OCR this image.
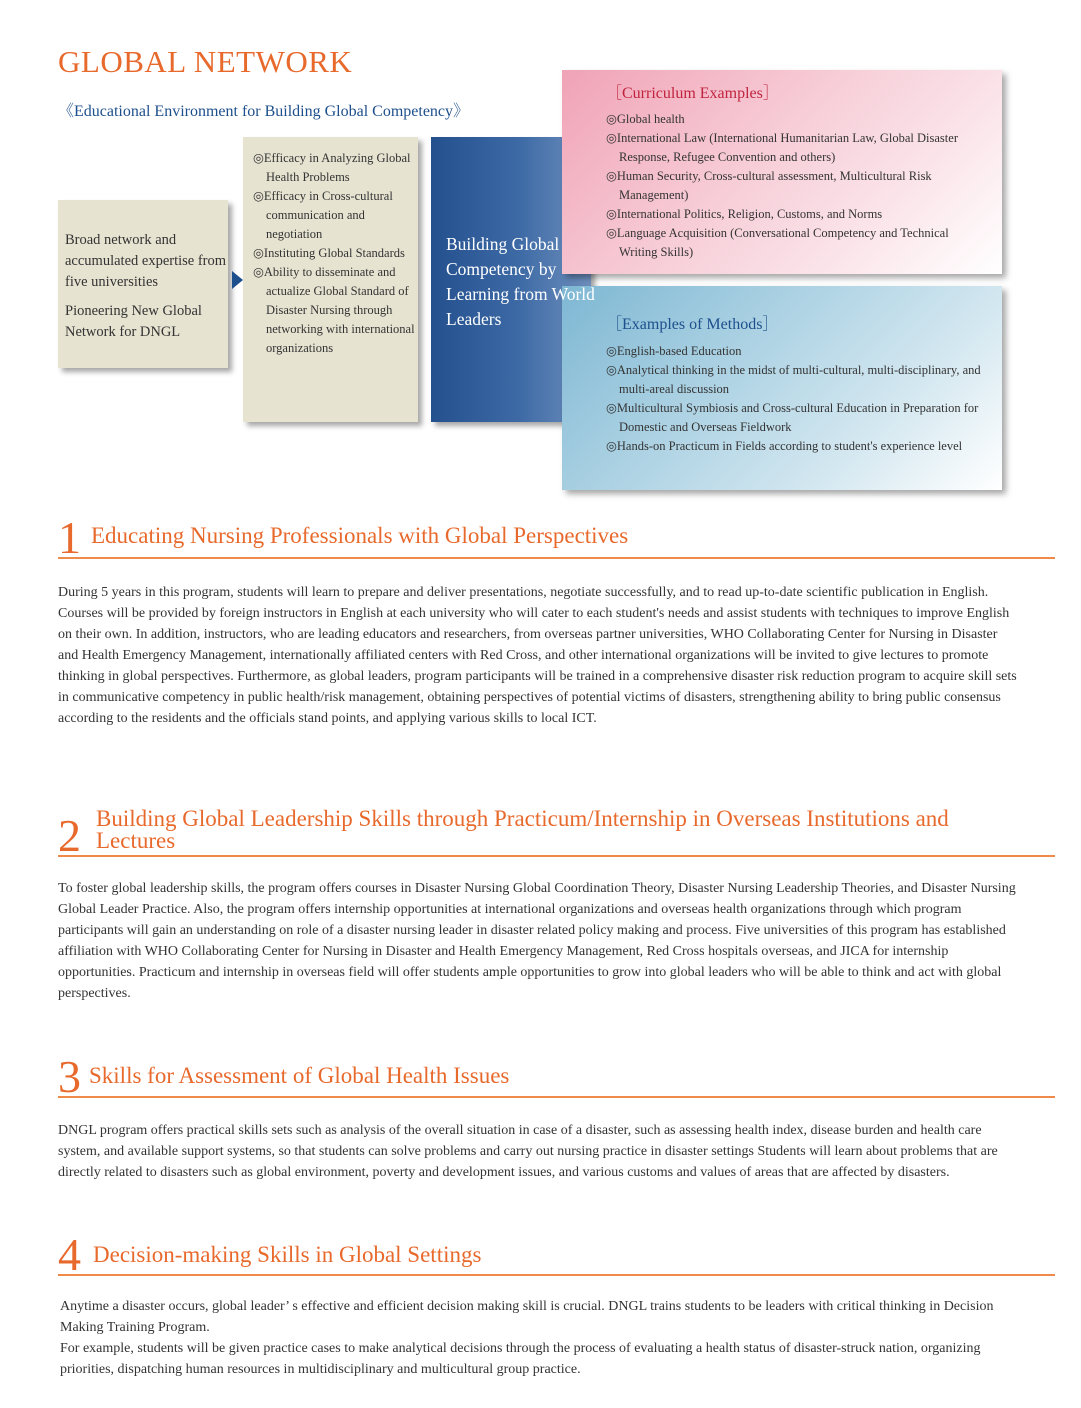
GLOBAL NETWORK
《Educational Environment for Building Global Competency》

Broad network and accumulated expertise from five universities

Pioneering New Global Network for DNGL

◎Efficacy in Analyzing Global Health Problems
◎Efficacy in Cross-cultural communication and negotiation
◎Instituting Global Standards
◎Ability to disseminate and actualize Global Standard of Disaster Nursing through networking with international organizations
［Curriculum Examples］
◎Global health
◎International Law (International Humanitarian Law, Global Disaster Response, Refugee Convention and others)
◎Human Security, Cross-cultural assessment, Multicultural Risk Management)
◎International Politics, Religion, Customs, and Norms
◎Language Acquisition (Conversational Competency and Technical Writing Skills)
［Examples of Methods］
◎English-based Education
◎Analytical thinking in the midst of multi-cultural, multi-disciplinary, and multi-areal discussion
◎Multicultural Symbiosis and Cross-cultural Education in Preparation for Domestic and Overseas Fieldwork
◎Hands-on Practicum in Fields according to student's experience level
Building Global Competency by Learning from World Leaders
1 Educating Nursing Professionals with Global Perspectives

During 5 years in this program, students will learn to prepare and deliver presentations, negotiate successfully, and to read up-to-date scientific publication in English. Courses will be provided by foreign instructors in English at each university who will cater to each student's needs and assist students with techniques to improve English on their own. In addition, instructors, who are leading educators and researchers, from overseas partner universities, WHO Collaborating Center for Nursing in Disaster and Health Emergency Management, internationally affiliated centers with Red Cross, and other international organizations will be invited to give lectures to promote thinking in global perspectives. Furthermore, as global leaders, program participants will be trained in a comprehensive disaster risk reduction program to acquire skill sets in communicative competency in public health/risk management, obtaining perspectives of potential victims of disasters, strengthening ability to bring public consensus according to the residents and the officials stand points, and applying various skills to local ICT.

2 Building Global Leadership Skills through Practicum/Internship in Overseas Institutions and Lectures

To foster global leadership skills, the program offers courses in Disaster Nursing Global Coordination Theory, Disaster Nursing Leadership Theories, and Disaster Nursing Global Leader Practice. Also, the program offers internship opportunities at international organizations and overseas health organizations through which program participants will gain an understanding on role of a disaster nursing leader in disaster related policy making and process. Five universities of this program has established affiliation with WHO Collaborating Center for Nursing in Disaster and Health Emergency Management, Red Cross hospitals overseas, and JICA for internship opportunities. Practicum and internship in overseas field will offer students ample opportunities to grow into global leaders who will be able to think and act with global perspectives.

3 Skills for Assessment of Global Health Issues

DNGL program offers practical skills sets such as analysis of the overall situation in case of a disaster, such as assessing health index, disease burden and health care system, and available support systems, so that students can solve problems and carry out nursing practice in disaster settings Students will learn about problems that are directly related to disasters such as global environment, poverty and development issues, and various customs and values of areas that are affected by disasters.

4 Decision-making Skills in Global Settings

Anytime a disaster occurs, global leader’ s effective and efficient decision making skill is crucial. DNGL trains students to be leaders with critical thinking in Decision Making Training Program.

For example, students will be given practice cases to make analytical decisions through the process of evaluating a health status of disaster-struck nation, organizing priorities, dispatching human resources in multidisciplinary and multicultural group practice.
